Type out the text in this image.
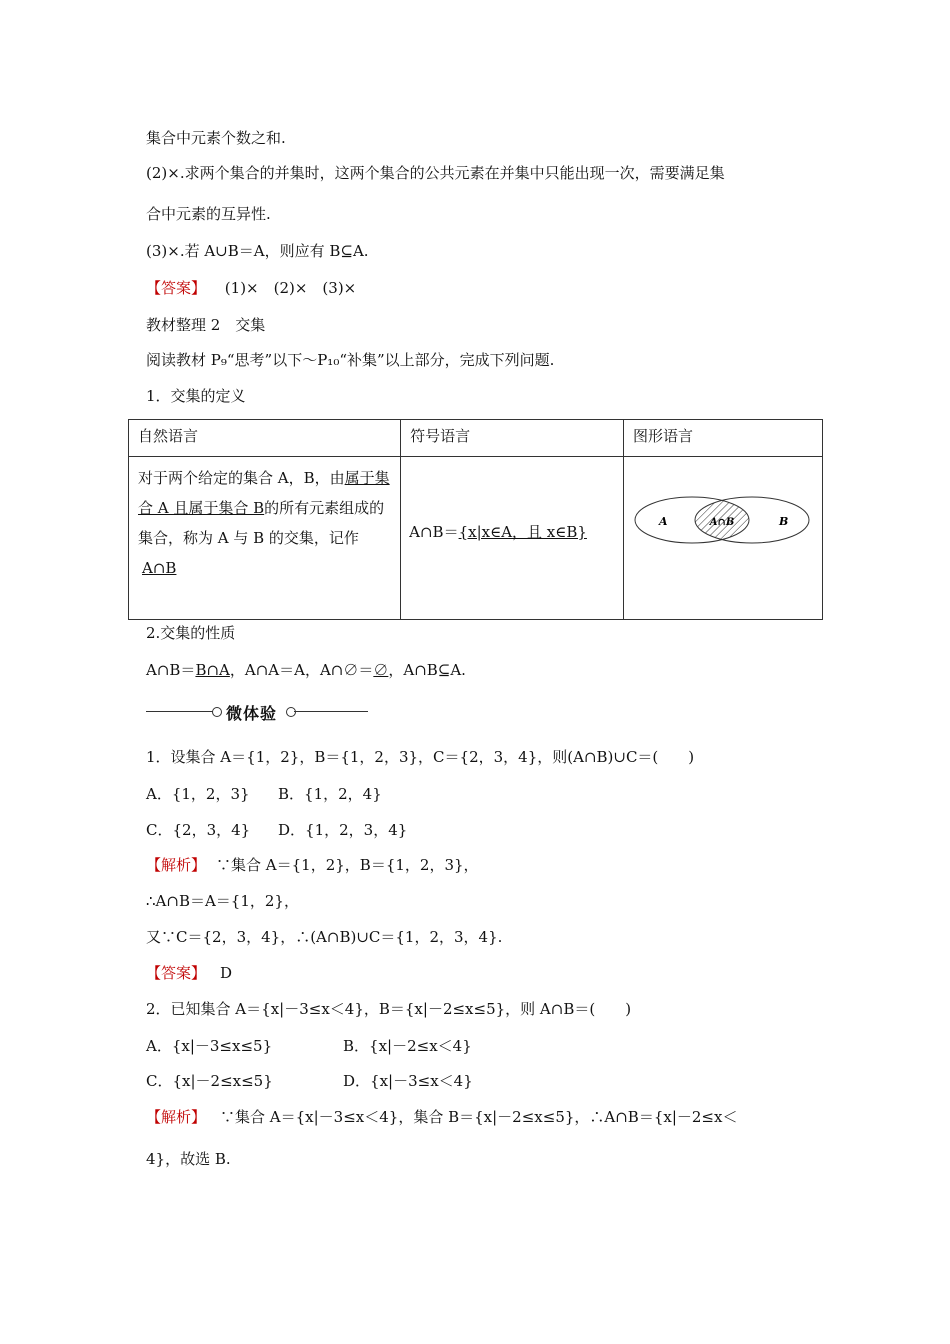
集合中元素个数之和.
(2)×.求两个集合的并集时，这两个集合的公共元素在并集中只能出现一次，需要满足集
合中元素的互异性.
(3)×.若 A∪B＝A，则应有 B⊆A.
【答案】 (1)×　(2)×　(3)×
教材整理 2　交集
阅读教材 P₉“思考”以下～P₁₀“补集”以上部分，完成下列问题.
1．交集的定义
自然语言	符号语言	图形语言

对于两个给定的集合 A，B，由属于集合 A 且属于集合 B的所有元素组成的集合，称为 A 与 B 的交集，记作A∩B	A∩B＝{x|x∈A，且 x∈B}	A A∩B B
2.交集的性质
A∩B＝B∩A，A∩A＝A，A∩∅＝∅，A∩B⊆A.
微体验
1．设集合 A＝{1，2}，B＝{1，2，3}，C＝{2，3，4}，则(A∩B)∪C＝(　　)
A．{1，2，3} B．{1，2，4}
C．{2，3，4} D．{1，2，3，4}
【解析】 ∵集合 A＝{1，2}，B＝{1，2，3}，
∴A∩B＝A＝{1，2}，
又∵C＝{2，3，4}，∴(A∩B)∪C＝{1，2，3，4}.
【答案】 D
2．已知集合 A＝{x|－3≤x＜4}，B＝{x|－2≤x≤5}，则 A∩B＝(　　)
A．{x|－3≤x≤5}	B．{x|－2≤x＜4}
C．{x|－2≤x≤5}	D．{x|－3≤x＜4}
【解析】 ∵集合 A＝{x|－3≤x＜4}，集合 B＝{x|－2≤x≤5}，∴A∩B＝{x|－2≤x＜
4}，故选 B.
